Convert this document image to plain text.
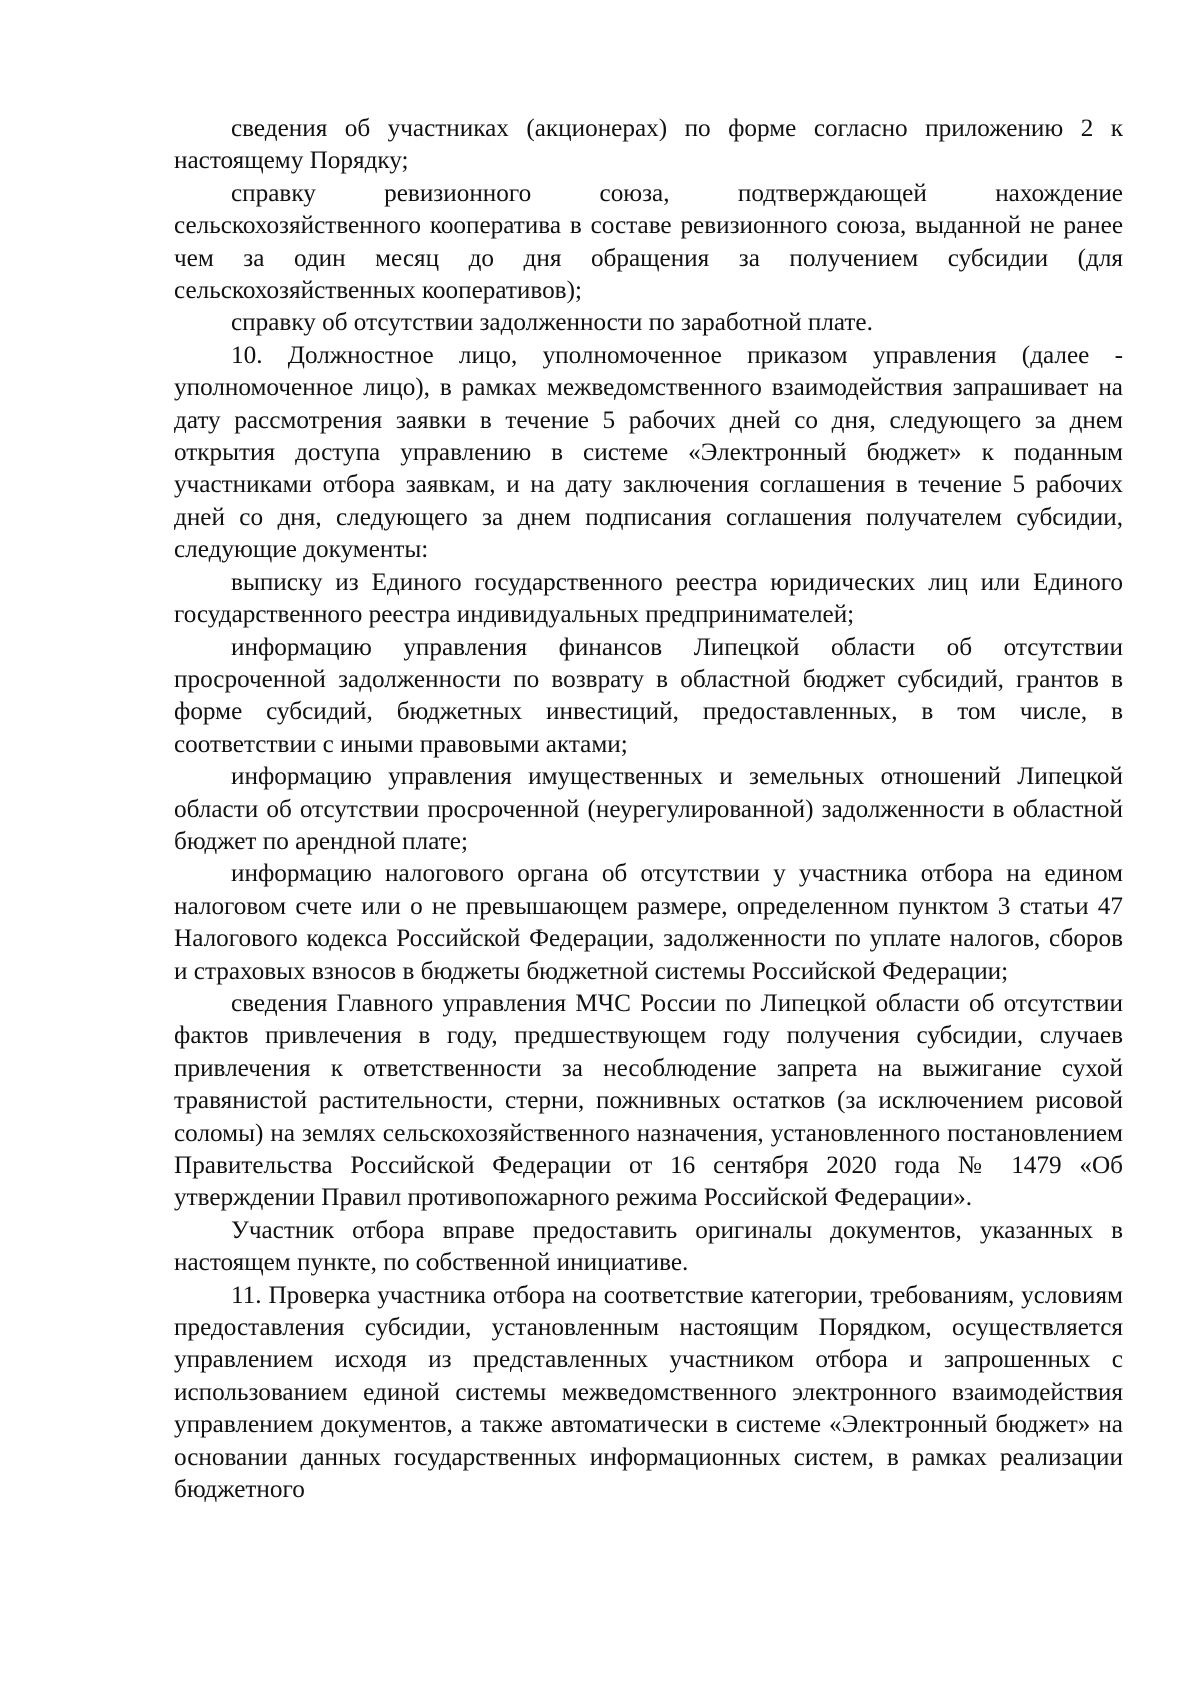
сведения об участниках (акционерах) по форме согласно приложению 2 к настоящему Порядку;

справку ревизионного союза, подтверждающей нахождение сельскохозяйственного кооператива в составе ревизионного союза, выданной не ранее чем за один месяц до дня обращения за получением субсидии (для сельскохозяйственных кооперативов);

справку об отсутствии задолженности по заработной плате.

10. Должностное лицо, уполномоченное приказом управления (далее - уполномоченное лицо), в рамках межведомственного взаимодействия запрашивает на дату рассмотрения заявки в течение 5 рабочих дней со дня, следующего за днем открытия доступа управлению в системе «Электронный бюджет» к поданным участниками отбора заявкам, и на дату заключения соглашения в течение 5 рабочих дней со дня, следующего за днем подписания соглашения получателем субсидии, следующие документы:

выписку из Единого государственного реестра юридических лиц или Единого государственного реестра индивидуальных предпринимателей;

информацию управления финансов Липецкой области об отсутствии просроченной задолженности по возврату в областной бюджет субсидий, грантов в форме субсидий, бюджетных инвестиций, предоставленных, в том числе, в соответствии с иными правовыми актами;

информацию управления имущественных и земельных отношений Липецкой области об отсутствии просроченной (неурегулированной) задолженности в областной бюджет по арендной плате;

информацию налогового органа об отсутствии у участника отбора на едином налоговом счете или о не превышающем размере, определенном пунктом 3 статьи 47 Налогового кодекса Российской Федерации, задолженности по уплате налогов, сборов и страховых взносов в бюджеты бюджетной системы Российской Федерации;

сведения Главного управления МЧС России по Липецкой области об отсутствии фактов привлечения в году, предшествующем году получения субсидии, случаев привлечения к ответственности за несоблюдение запрета на выжигание сухой травянистой растительности, стерни, пожнивных остатков (за исключением рисовой соломы) на землях сельскохозяйственного назначения, установленного постановлением Правительства Российской Федерации от 16 сентября 2020 года № 1479 «Об утверждении Правил противопожарного режима Российской Федерации».

Участник отбора вправе предоставить оригиналы документов, указанных в настоящем пункте, по собственной инициативе.

11. Проверка участника отбора на соответствие категории, требованиям, условиям предоставления субсидии, установленным настоящим Порядком, осуществляется управлением исходя из представленных участником отбора и запрошенных с использованием единой системы межведомственного электронного взаимодействия управлением документов, а также автоматически в системе «Электронный бюджет» на основании данных государственных информационных систем, в рамках реализации бюджетного
